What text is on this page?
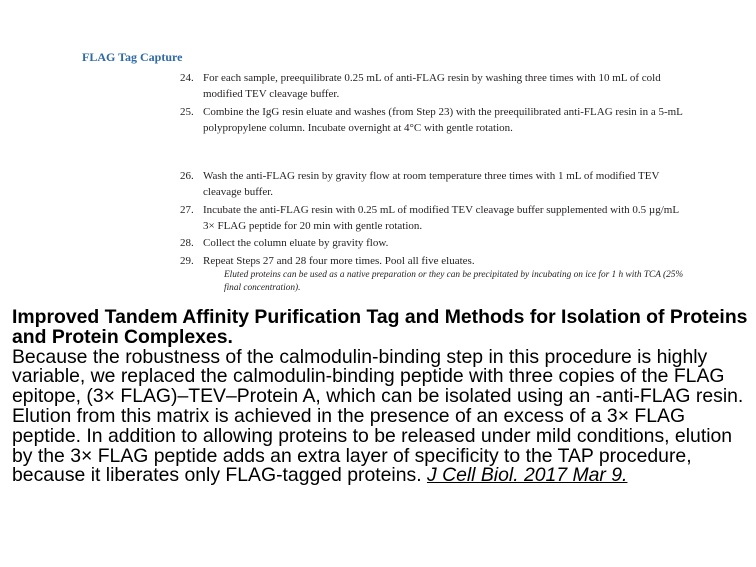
FLAG Tag Capture
24. For each sample, preequilibrate 0.25 mL of anti-FLAG resin by washing three times with 10 mL of cold modified TEV cleavage buffer.
25. Combine the IgG resin eluate and washes (from Step 23) with the preequilibrated anti-FLAG resin in a 5-mL polypropylene column. Incubate overnight at 4°C with gentle rotation.
26. Wash the anti-FLAG resin by gravity flow at room temperature three times with 1 mL of modified TEV cleavage buffer.
27. Incubate the anti-FLAG resin with 0.25 mL of modified TEV cleavage buffer supplemented with 0.5 µg/mL 3× FLAG peptide for 20 min with gentle rotation.
28. Collect the column eluate by gravity flow.
29. Repeat Steps 27 and 28 four more times. Pool all five eluates.
Eluted proteins can be used as a native preparation or they can be precipitated by incubating on ice for 1 h with TCA (25% final concentration).
Improved Tandem Affinity Purification Tag and Methods for Isolation of Proteins and Protein Complexes.

Because the robustness of the calmodulin-binding step in this procedure is highly variable, we replaced the calmodulin-binding peptide with three copies of the FLAG epitope, (3× FLAG)–TEV–Protein A, which can be isolated using an -anti-FLAG resin. Elution from this matrix is achieved in the presence of an excess of a 3× FLAG peptide. In addition to allowing proteins to be released under mild conditions, elution by the 3× FLAG peptide adds an extra layer of specificity to the TAP procedure, because it liberates only FLAG-tagged proteins. J Cell Biol. 2017 Mar 9.
